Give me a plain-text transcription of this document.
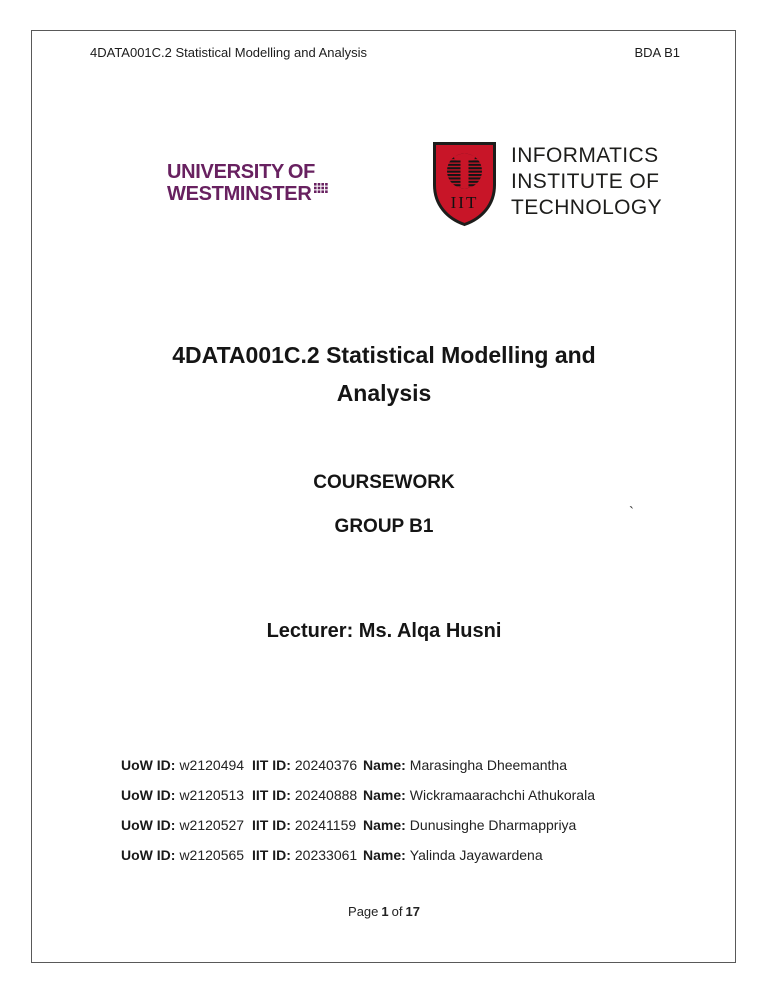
4DATA001C.2 Statistical Modelling and Analysis	BDA B1
UNIVERSITY OF
WESTMINSTER	IIT
INFORMATICS
INSTITUTE OF
TECHNOLOGY
4DATA001C.2 Statistical Modelling and
Analysis
COURSEWORK
GROUP B1
`
Lecturer: Ms. Alqa Husni
UoW ID: w2120494 IIT ID: 20240376 Name: Marasingha Dheemantha
UoW ID: w2120513 IIT ID: 20240888 Name: Wickramaarachchi Athukorala
UoW ID: w2120527 IIT ID: 20241159 Name: Dunusinghe Dharmappriya
UoW ID: w2120565 IIT ID: 20233061 Name: Yalinda Jayawardena
Page 1 of 17
